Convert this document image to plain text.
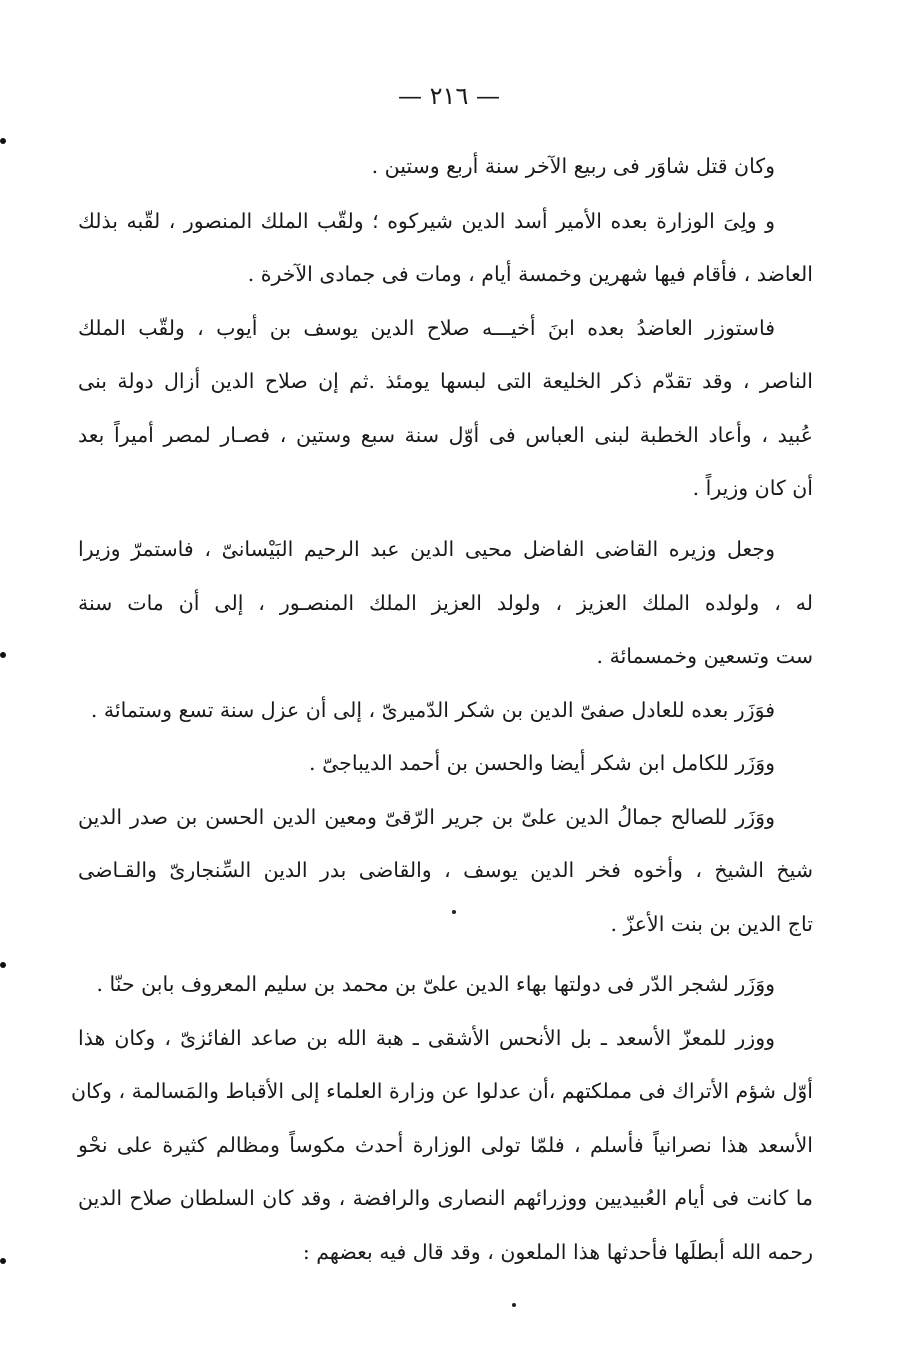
— ٢١٦ —
وكان قتل شاوَر فى ربيع الآخر سنة أربع وستين .
و ولِىَ الوزارة بعده الأمير أسد الدين شيركوه ؛ ولقّب الملك المنصور ، لقّبه بذلك
العاضد ، فأقام فيها شهرين وخمسة أيام ، ومات فى جمادى الآخرة .
فاستوزر العاضدُ بعده ابنَ أخيـــه صلاح الدين يوسف بن أيوب ، ولقّب الملك
الناصر ، وقد تقدّم ذكر الخليعة التى لبسها يومئذ .ثم إن صلاح الدين أزال دولة بنى
عُبيد ، وأعاد الخطبة لبنى العباس فى أوّل سنة سبع وستين ، فصـار لمصر أميراً بعد
أن كان وزيراً .
وجعل وزيره القاضى الفاضل محيى الدين عبد الرحيم البَيْسانىّ ، فاستمرّ وزيرا
له ، ولولده الملك العزيز ، ولولد العزيز الملك المنصـور ، إلى أن مات سنة
ست وتسعين وخمسمائة .
فوَزَر بعده للعادل صفىّ الدين بن شكر الدّميرىّ ، إلى أن عزل سنة تسع وستمائة .
ووَزَر للكامل ابن شكر أيضا والحسن بن أحمد الديباجىّ .
ووَزَر للصالح جمالُ الدين علىّ بن جرير الرّقىّ ومعين الدين الحسن بن صدر الدين
شيخ الشيخ ، وأخوه فخر الدين يوسف ، والقاضى بدر الدين السِّنجارىّ والقـاضى
تاج الدين بن بنت الأعزّ .
ووَزَر لشجر الدّر فى دولتها بهاء الدين علىّ بن محمد بن سليم المعروف بابن حنّا .
ووزر للمعزّ الأسعد ـ بل الأنحس الأشقى ـ هبة الله بن صاعد الفائزىّ ، وكان هذا
أوّل شؤم الأتراك فى مملكتهم ،أن عدلوا عن وزارة العلماء إلى الأقباط والمَسالمة ، وكان
الأسعد هذا نصرانياً فأسلم ، فلمّا تولى الوزارة أحدث مكوساً ومظالم كثيرة على نحْو
ما كانت فى أيام العُبيديين ووزرائهم النصارى والرافضة ، وقد كان السلطان صلاح الدين
رحمه الله أبطلَها فأحدثها هذا الملعون ، وقد قال فيه بعضهم :
